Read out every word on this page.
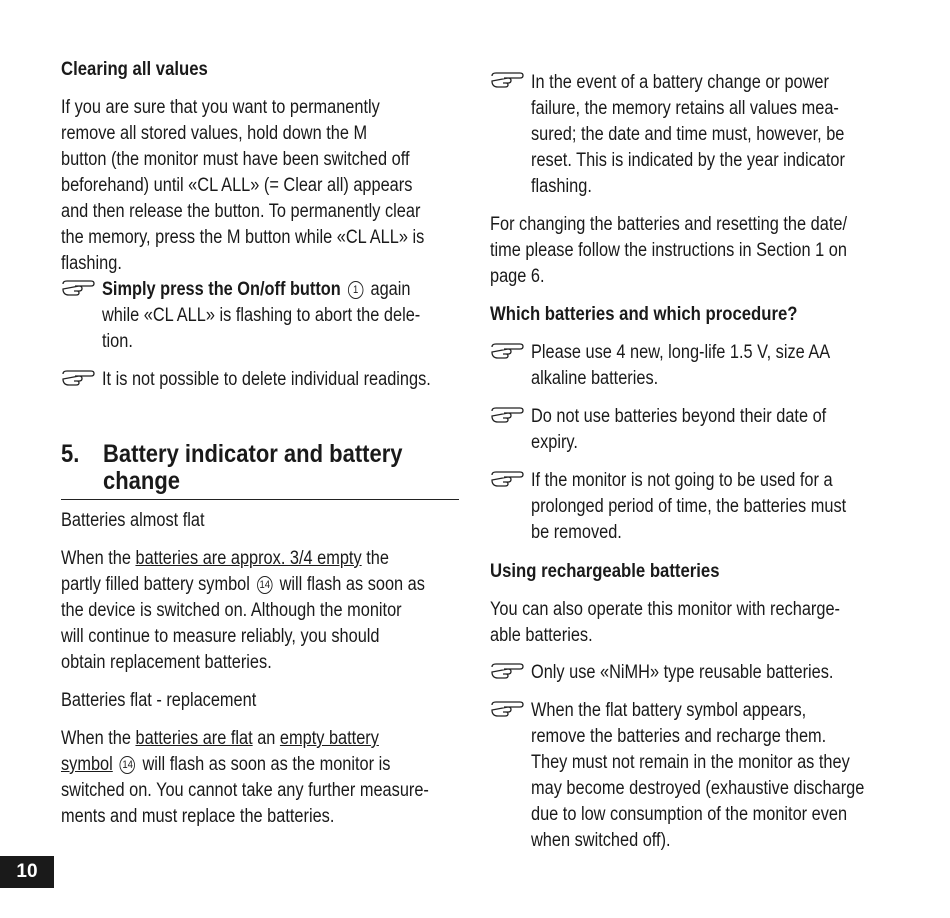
Clearing all values

If you are sure that you want to permanently

remove all stored values, hold down the M

button (the monitor must have been switched off

beforehand) until «CL ALL» (= Clear all) appears

and then release the button. To permanently clear

the memory, press the M button while «CL ALL» is

flashing.

Simply press the On/off button 1 again

while «CL ALL» is flashing to abort the dele-

tion.

It is not possible to delete individual readings.

5. Battery indicator and battery
change
Batteries almost flat

When the batteries are approx. 3/4 empty the

partly filled battery symbol 14 will flash as soon as

the device is switched on. Although the monitor

will continue to measure reliably, you should

obtain replacement batteries.

Batteries flat - replacement

When the batteries are flat an empty battery

symbol 14 will flash as soon as the monitor is

switched on. You cannot take any further measure-

ments and must replace the batteries.

In the event of a battery change or power

failure, the memory retains all values mea-

sured; the date and time must, however, be

reset. This is indicated by the year indicator

flashing.

For changing the batteries and resetting the date/

time please follow the instructions in Section 1 on

page 6.

Which batteries and which procedure?

Please use 4 new, long-life 1.5 V, size AA

alkaline batteries.

Do not use batteries beyond their date of

expiry.

If the monitor is not going to be used for a

prolonged period of time, the batteries must

be removed.

Using rechargeable batteries

You can also operate this monitor with recharge-

able batteries.

Only use «NiMH» type reusable batteries.

When the flat battery symbol appears,

remove the batteries and recharge them.

They must not remain in the monitor as they

may become destroyed (exhaustive discharge

due to low consumption of the monitor even

when switched off).

10
